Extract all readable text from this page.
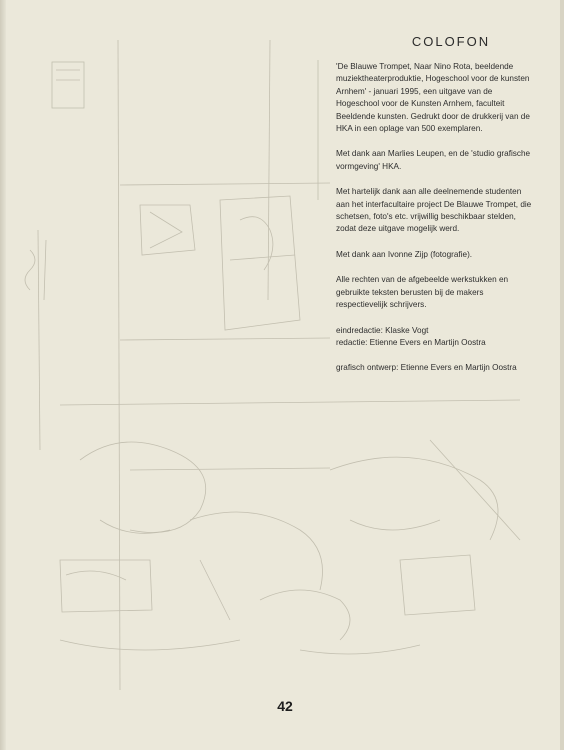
COLOFON

'De Blauwe Trompet, Naar Nino Rota, beeldende muziektheaterproduktie, Hogeschool voor de kunsten Arnhem' - januari 1995, een uitgave van de Hogeschool voor de Kunsten Arnhem, faculteit Beeldende kunsten. Gedrukt door de drukkerij van de HKA in een oplage van 500 exemplaren.

Met dank aan Marlies Leupen, en de 'studio grafische vormgeving' HKA.

Met hartelijk dank aan alle deelnemende studenten aan het interfacultaire project De Blauwe Trompet, die schetsen, foto's etc. vrijwillig beschikbaar stelden, zodat deze uitgave mogelijk werd.

Met dank aan Ivonne Zijp (fotografie).

Alle rechten van de afgebeelde werkstukken en gebruikte teksten berusten bij de makers respectievelijk schrijvers.

eindredactie: Klaske Vogt

redactie: Etienne Evers en Martijn Oostra

grafisch ontwerp: Etienne Evers en Martijn Oostra

42
